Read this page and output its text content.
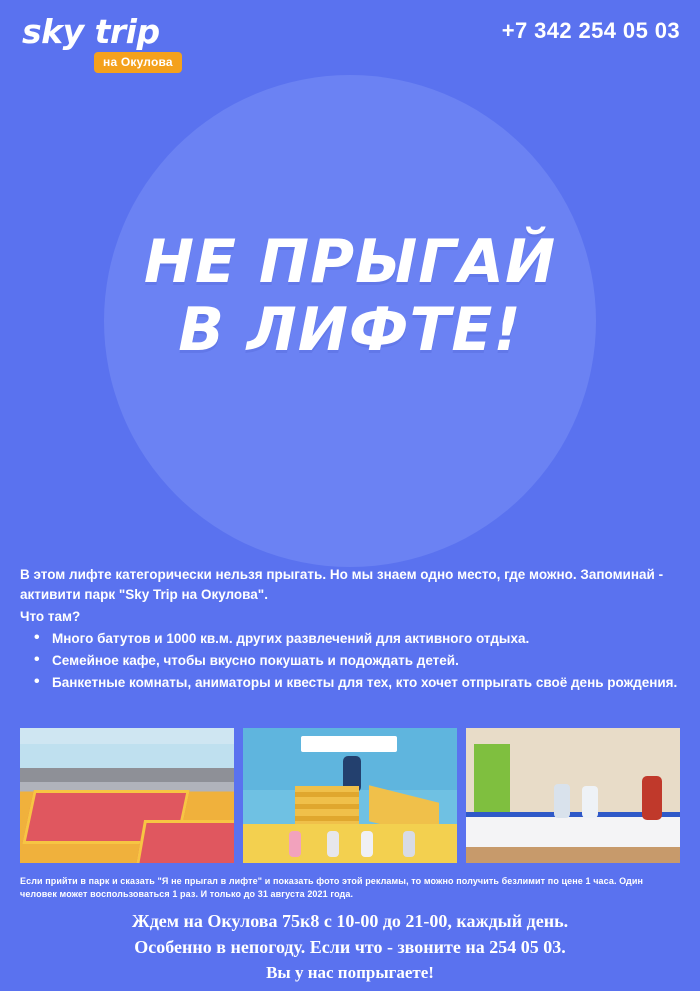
sky trip
на Окулова
+7 342 254 05 03
НЕ ПРЫГАЙ
В ЛИФТЕ!

В этом лифте категорически нельзя прыгать. Но мы знаем одно место, где можно. Запоминай - активити парк "Sky Trip на Окулова".

Что там?

• Много батутов и 1000 кв.м. других развлечений для активного отдыха.
• Семейное кафе, чтобы вкусно покушать и подождать детей.
• Банкетные комнаты, аниматоры и квесты для тех, кто хочет отпрыгать своё день рождения.
Если прийти в парк и сказать "Я не прыгал в лифте" и показать фото этой рекламы, то можно получить безлимит по цене 1 часа. Один человек может воспользоваться 1 раз. И только до 31 августа 2021 года.
Ждем на Окулова 75к8 с 10-00 до 21-00, каждый день.
Особенно в непогоду. Если что - звоните на 254 05 03.
Вы у нас попрыгаете!
